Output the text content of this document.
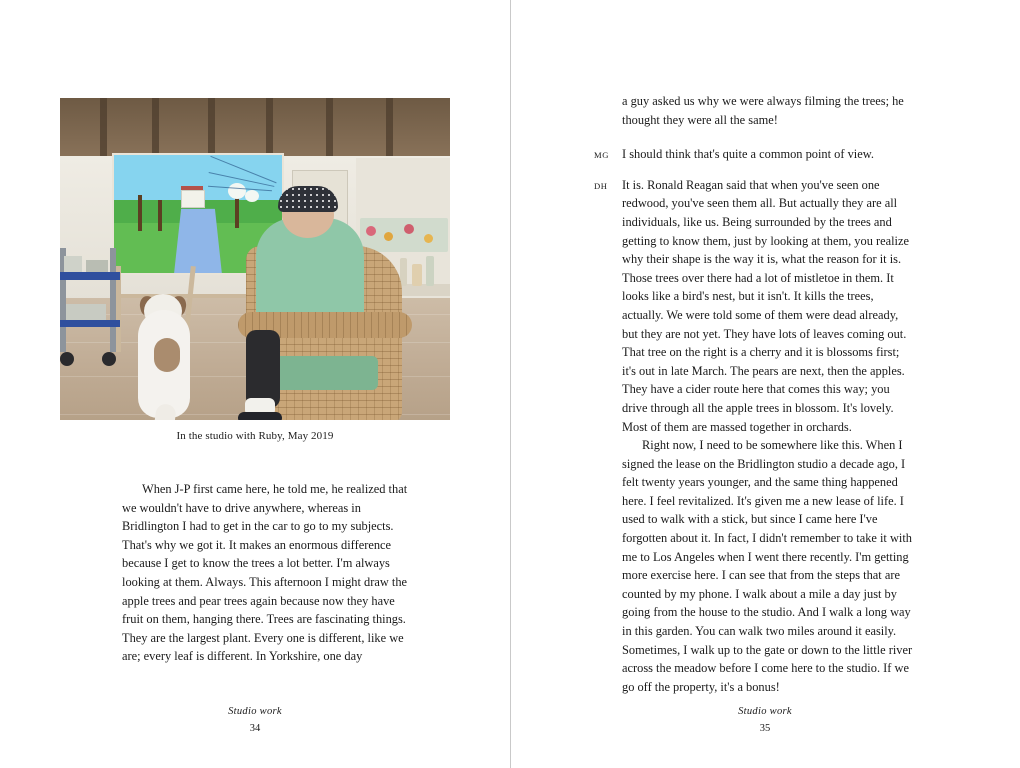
In the studio with Ruby, May 2019

When J-P first came here, he told me, he realized that we wouldn't have to drive anywhere, whereas in Bridlington I had to get in the car to go to my subjects. That's why we got it. It makes an enormous difference because I get to know the trees a lot better. I'm always looking at them. Always. This afternoon I might draw the apple trees and pear trees again because now they have fruit on them, hanging there. Trees are fascinating things. They are the largest plant. Every one is different, like we are; every leaf is different. In Yorkshire, one day

Studio work
34

a guy asked us why we were always filming the trees; he thought they were all the same!

MG I should think that's quite a common point of view.

DH It is. Ronald Reagan said that when you've seen one redwood, you've seen them all. But actually they are all individuals, like us. Being surrounded by the trees and getting to know them, just by looking at them, you realize why their shape is the way it is, what the reason for it is. Those trees over there had a lot of mistletoe in them. It looks like a bird's nest, but it isn't. It kills the trees, actually. We were told some of them were dead already, but they are not yet. They have lots of leaves coming out. That tree on the right is a cherry and it is blossoms first; it's out in late March. The pears are next, then the apples. They have a cider route here that comes this way; you drive through all the apple trees in blossom. It's lovely. Most of them are massed together in orchards.

Right now, I need to be somewhere like this. When I signed the lease on the Bridlington studio a decade ago, I felt twenty years younger, and the same thing happened here. I feel revitalized. It's given me a new lease of life. I used to walk with a stick, but since I came here I've forgotten about it. In fact, I didn't remember to take it with me to Los Angeles when I went there recently. I'm getting more exercise here. I can see that from the steps that are counted by my phone. I walk about a mile a day just by going from the house to the studio. And I walk a long way in this garden. You can walk two miles around it easily. Sometimes, I walk up to the gate or down to the little river across the meadow before I come here to the studio. If we go off the property, it's a bonus!

Studio work
35
